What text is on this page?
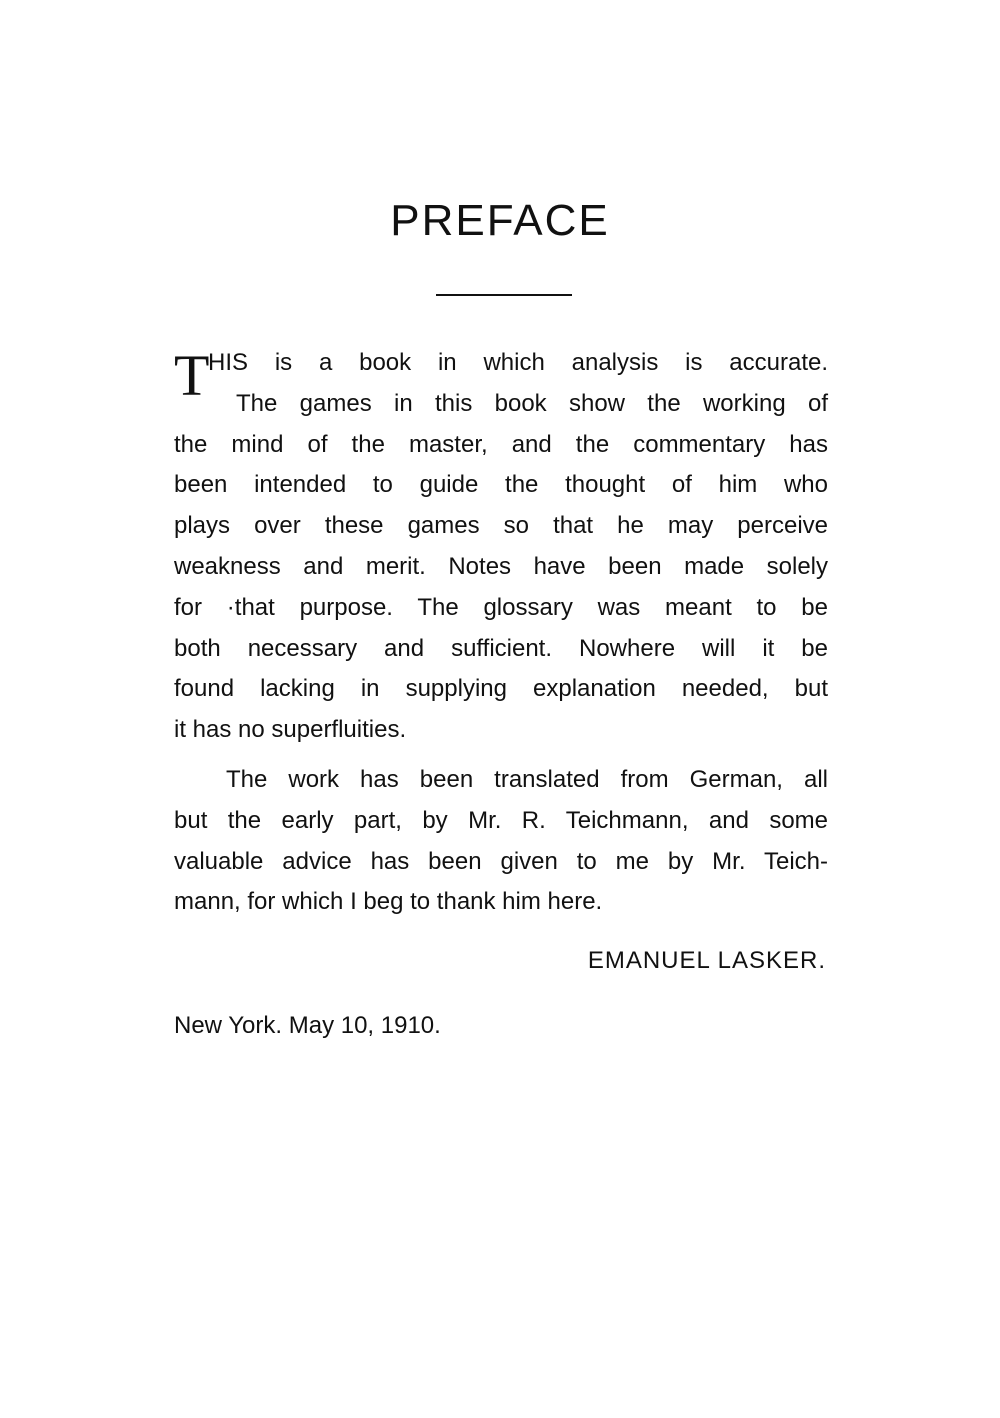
PREFACE
T
HIS is a book in which analysis is accurate.
The games in this book show the working of
the mind of the master, and the commentary has
been intended to guide the thought of him who
plays over these games so that he may perceive
weakness and merit. Notes have been made solely
for ·that purpose. The glossary was meant to be
both necessary and sufficient. Nowhere will it be
found lacking in supplying explanation needed, but
it has no superfluities.
The work has been translated from German, all
but the early part, by Mr. R. Teichmann, and some
valuable advice has been given to me by Mr. Teich-
mann, for which I beg to thank him here.
EMANUEL LASKER.
New York. May 10, 1910.
